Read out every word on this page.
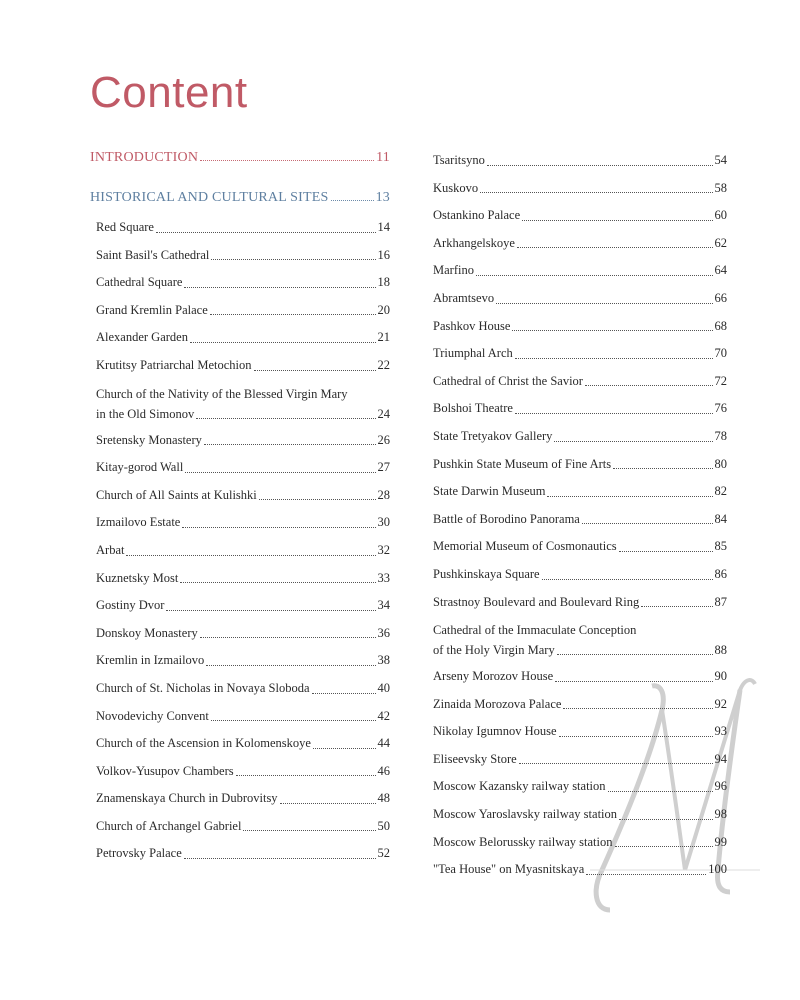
Content
INTRODUCTION	11
HISTORICAL AND CULTURAL SITES	13
Red Square	14
Saint Basil's Cathedral	16
Cathedral Square	18
Grand Kremlin Palace	20
Alexander Garden	21
Krutitsy Patriarchal Metochion	22
Church of the Nativity of the Blessed Virgin Mary
in the Old Simonov	24
Sretensky Monastery	26
Kitay-gorod Wall	27
Church of All Saints at Kulishki	28
Izmailovo Estate	30
Arbat	32
Kuznetsky Most	33
Gostiny Dvor	34
Donskoy Monastery	36
Kremlin in Izmailovo	38
Church of St. Nicholas in Novaya Sloboda	40
Novodevichy Convent	42
Church of the Ascension in Kolomenskoye	44
Volkov-Yusupov Chambers	46
Znamenskaya Church in Dubrovitsy	48
Church of Archangel Gabriel	50
Petrovsky Palace	52
Tsaritsyno	54
Kuskovo	58
Ostankino Palace	60
Arkhangelskoye	62
Marfino	64
Abramtsevo	66
Pashkov House	68
Triumphal Arch	70
Cathedral of Christ the Savior	72
Bolshoi Theatre	76
State Tretyakov Gallery	78
Pushkin State Museum of Fine Arts	80
State Darwin Museum	82
Battle of Borodino Panorama	84
Memorial Museum of Cosmonautics	85
Pushkinskaya Square	86
Strastnoy Boulevard and Boulevard Ring	87
Cathedral of the Immaculate Conception
of the Holy Virgin Mary	88
Arseny Morozov House	90
Zinaida Morozova Palace	92
Nikolay Igumnov House	93
Eliseevsky Store	94
Moscow Kazansky railway station	96
Moscow Yaroslavsky railway station	98
Moscow Belorussky railway station	99
"Tea House" on Myasnitskaya	100
